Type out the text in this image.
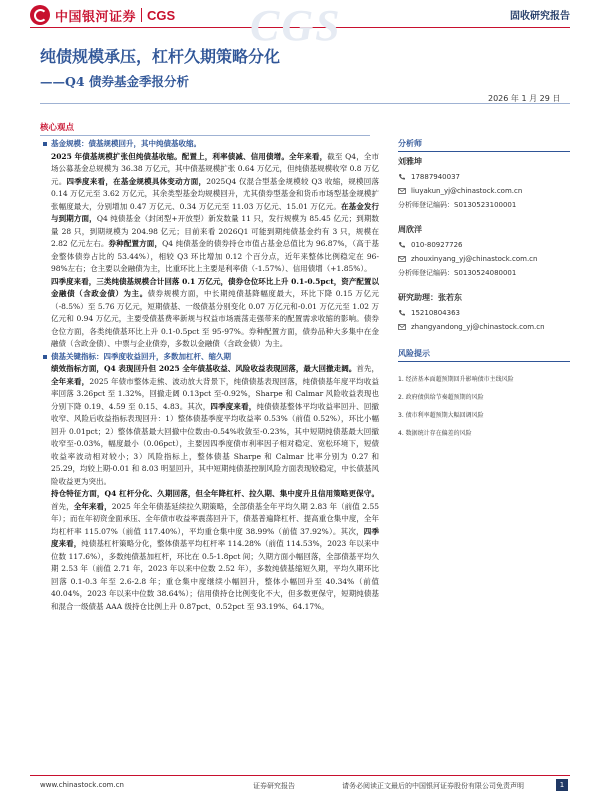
中国银河证券 CGS	固收研究报告
CGS
纯债规模承压，杠杆久期策略分化
——Q4 债券基金季报分析
2026 年 1 月 29 日
核心观点
基金规模：债基规模回升，其中纯债基收缩。

2025 年债基规模扩张但纯债基收缩。配置上，利率债减、信用债增。全年来看，截至 Q4，全市场公募基金总规模为 36.38 万亿元，其中债基规模扩张 0.64 万亿元，但纯债基规模收窄 0.8 万亿元。四季度来看，在基金规模具体变动方面，2025Q4 仅混合型基金规模较 Q3 收缩，规模回落 0.14 万亿元至 3.62 万亿元，其余类型基金均规模回升，尤其债券型基金和货币市场型基金规模扩张幅度最大，分别增加 0.47 万亿元、0.34 万亿元至 11.03 万亿元、15.01 万亿元。在基金发行与到期方面，Q4 纯债基金（封闭型+开放型）新发数量 11 只，发行规模为 85.45 亿元；到期数量 28 只，到期规模为 204.98 亿元；目前来看 2026Q1 可能到期纯债基金约有 3 只，规模在 2.82 亿元左右。券种配置方面，Q4 纯债基金的债券持仓市值占基金总值比为 96.87%，（高于基金整体债券占比的 53.44%），相较 Q3 环比增加 0.12 个百分点，近年来整体比例稳定在 96-98%左右；仓主要以金融债为主，比重环比上主要是利率债（-1.57%）、信用债增（+1.85%）。

四季度来看，三类纯债基规模合计回落 0.1 万亿元，债券仓位环比上升 0.1-0.5pct，资产配置以金融债（含政金债）为主。债券规模方面，中长期纯债基降幅度最大，环比下降 0.15 万亿元（-8.5%）至 5.76 万亿元，短期债基、一级债基分别变化 0.07 万亿元和-0.01 万亿元至 1.02 万亿元和 0.94 万亿元，主要受债基费率新规与权益市场震荡走强带来的配置需求收缩的影响。债券仓位方面，各类纯债基环比上升 0.1-0.5pct 至 95-97%。券种配置方面，债券品种大多集中在金融债（含政金债）、中票与企业债券，多数以金融债（含政金债）为主。

债基关键指标：四季度收益回升，多数加杠杆、缩久期

绩效指标方面，Q4 表现回升但 2025 全年债基收益、风险收益表现回落，最大回撤走阔。首先，全年来看，2025 年债市整体走熊、波动放大背景下，纯债债基表现回落，纯债债基年度平均收益率回落 3.26pct 至 1.32%，回撤走阔 0.13pct 至-0.92%，Sharpe 和 Calmar 风险收益表现也分别下降 0.19、4.59 至 0.15、4.83。其次，四季度来看，纯债债基整体平均收益率回升、回撤收窄、风险后收益指标表现回升：1）整体债基季度平均收益率 0.53%（前值 0.52%），环比小幅回升 0.01pct；2）整体债基最大回撤中位数由-0.54%收敛至-0.23%，其中短期纯债基最大回撤收窄至-0.03%，幅度最小（0.06pct），主要因四季度债市利率因子相对稳定、宽松环境下，短债收益率波动相对较小；3）风险指标上，整体债基 Sharpe 和 Calmar 比率分别为 0.27 和 25.29，均较上期-0.01 和 8.03 明显回升，其中短期纯债基控制风险方面表现较稳定，中长债基风险收益更为突出。

持仓特征方面，Q4 杠杆分化、久期回落，但全年降杠杆、拉久期、集中度升且信用策略更保守。首先，全年来看，2025 年全年债基延续拉久期策略，全部债基全年平均久期 2.83 年（前值 2.55 年）；而在年初资金面承压、全年债市收益率震荡回升下，债基普遍降杠杆、提高重仓集中度，全年均杠杆率 115.07%（前值 117.40%），平均重仓集中度 38.99%（前值 37.92%）。其次，四季度来看，纯债基杠杆策略分化，整体债基平均杠杆率 114.28%（前值 114.53%，2023 年以来中位数 117.6%），多数纯债基加杠杆，环比在 0.5-1.8pct 间；久期方面小幅回落，全部债基平均久期 2.53 年（前值 2.71 年，2023 年以来中位数 2.52 年），多数纯债基缩短久期，平均久期环比回落 0.1-0.3 年至 2.6-2.8 年；重仓集中度继续小幅回升，整体小幅回升至 40.34%（前值 40.04%，2023 年以来中位数 38.64%）；信用债持仓比例变化不大，但多数更保守，短期纯债基和混合一级债基 AAA 级持仓比例上升 0.87pct、0.52pct 至 93.19%、64.17%。

分析师
刘雅坤
17887940037
liuyakun_yj@chinastock.com.cn
分析师登记编码：S0130523100001
周欣洋
010-80927726
zhouxinyang_yj@chinastock.com.cn
分析师登记编码：S0130524080001
研究助理：张若东
15210804363
zhangyandong_yj@chinastock.com.cn
风险提示
1. 经济基本面超预期回升影响债市主线风险
2. 政府债供给节奏超预期的风险
3. 债市利率超预期大幅回调风险
4. 数据统计存在偏差的风险
www.chinastock.com.cn	证券研究报告	请务必阅读正文最后的中国银河证券股份有限公司免责声明	1
